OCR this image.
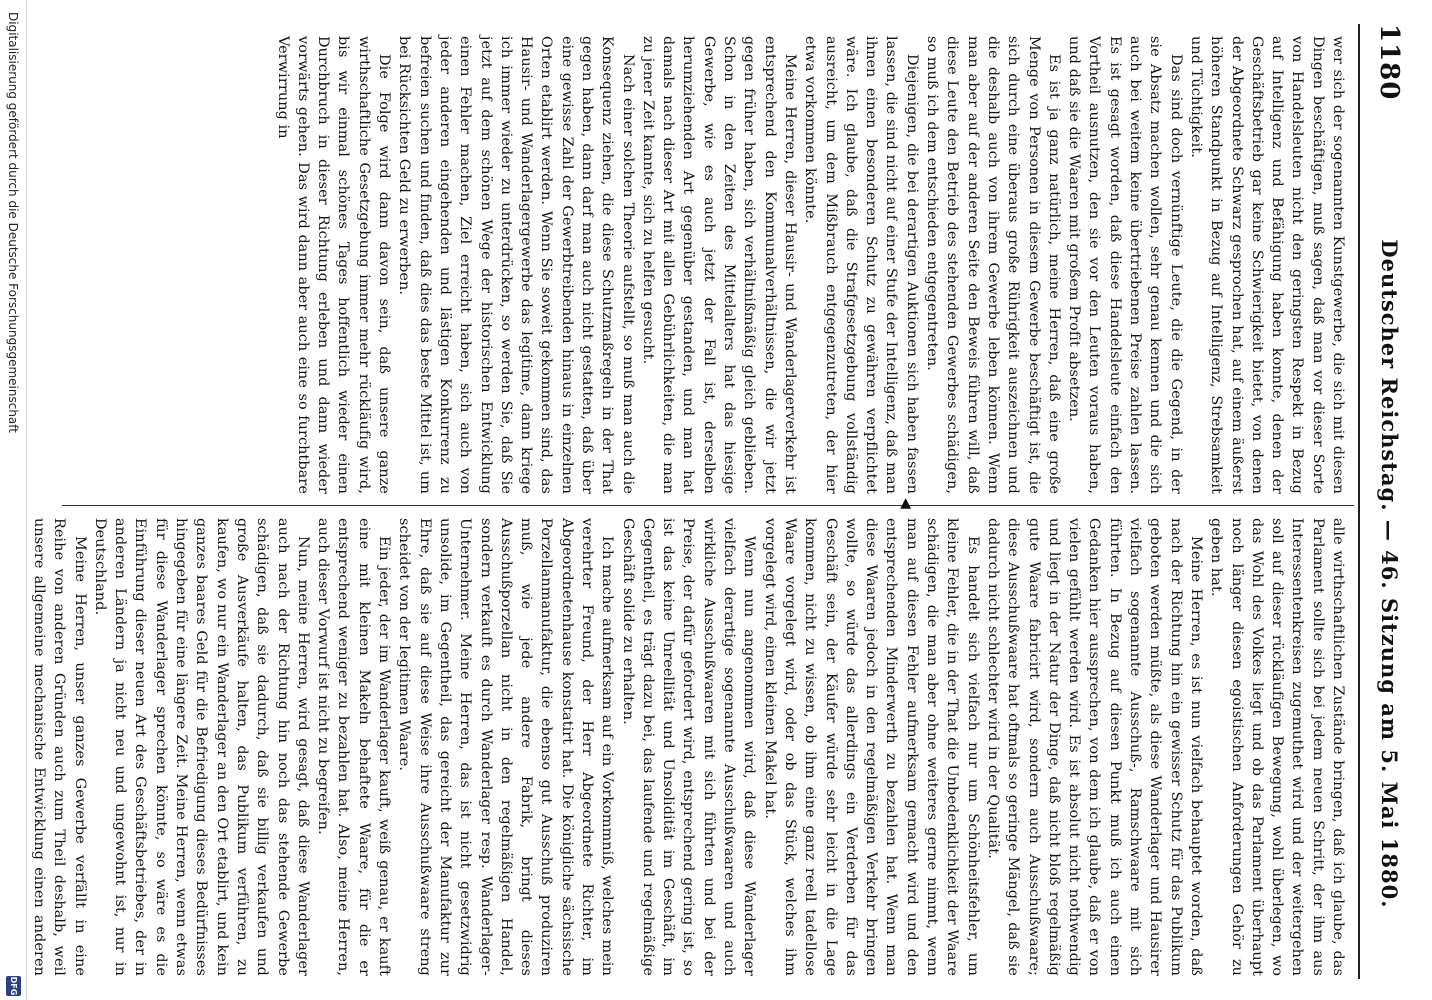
1180
Deutscher Reichstag. — 46. Sitzung am 5. Mai 1880.

wer sich der sogenannten Kunstgewerbe, die sich mit diesen Dingen beschäftigen, muß sagen, daß man vor dieser Sorte von Handelsleuten nicht den geringsten Respekt in Bezug auf Intelligenz und Befähigung haben konnte, denen der Geschäftsbetrieb gar keine Schwierigkeit bietet, von denen der Abgeordnete Schwarz gesprochen hat, auf einem äußerst höheren Standpunkt in Bezug auf Intelligenz, Strebsamkeit und Tüchtigkeit.

Das sind doch vernünftige Leute, die die Gegend, in der sie Absatz machen wollen, sehr genau kennen und die sich auch bei weitem keine übertriebenen Preise zahlen lassen. Es ist gesagt worden, daß diese Handelsleute einfach den Vortheil ausnutzen, den sie vor den Leuten voraus haben, und daß sie die Waaren mit großem Profit absetzen.

Es ist ja ganz natürlich, meine Herren, daß eine große Menge von Personen in diesem Gewerbe beschäftigt ist, die sich durch eine überaus große Rührigkeit auszeichnen und die deshalb auch von ihrem Gewerbe leben können. Wenn man aber auf der anderen Seite den Beweis führen will, daß diese Leute den Betrieb des stehenden Gewerbes schädigen, so muß ich dem entschieden entgegentreten.

Diejenigen, die bei derartigen Auktionen sich haben fassen lassen, die sind nicht auf einer Stufe der Intelligenz, daß man ihnen einen besonderen Schutz zu gewähren verpflichtet wäre. Ich glaube, daß die Strafgesetzgebung vollständig ausreicht, um dem Mißbrauch entgegenzutreten, der hier etwa vorkommen könnte.

Meine Herren, dieser Hausir- und Wanderlagerverkehr ist entsprechend den Kommunalverhältnissen, die wir jetzt gegen früher haben, sich verhältnißmäßig gleich geblieben. Schon in den Zeiten des Mittelalters hat das hiesige Gewerbe, wie es auch jetzt der Fall ist, derselben herumziehenden Art gegenüber gestanden, und man hat damals nach dieser Art mit allen Gebührlichkeiten, die man zu jener Zeit kannte, sich zu helfen gesucht.

Nach einer solchen Theorie aufstellt, so muß man auch die Konsequenz ziehen, die diese Schutzmaßregeln in der That gegen haben, dann darf man auch nicht gestatten, daß über eine gewisse Zahl der Gewerbtreibenden hinaus in einzelnen Orten etablirt werden. Wenn Sie soweit gekommen sind, das Hausir- und Wanderlagergewerbe das legitime, dann kriege ich immer wieder zu unterdrücken, so werden Sie, daß Sie jetzt auf dem schönen Wege der historischen Entwicklung einen Fehler machen, Ziel erreicht haben, sich auch von jeder anderen eingehenden und lästigen Konkurrenz zu befreien suchen und finden, daß dies das beste Mittel ist, um bei Rücksichten Geld zu erwerben.

Die Folge wird dann davon sein, daß unsere ganze wirthschaftliche Gesetzgebung immer mehr rückläufig wird, bis wir einmal schönes Tages hoffentlich wieder einen Durchbruch in dieser Richtung erleben und dann wieder vorwärts gehen. Das wird dann aber auch eine so furchtbare Verwirrung in

◀

alle wirthschaftlichen Zustände bringen, daß ich glaube, das Parlament sollte sich bei jedem neuen Schritt, der ihm aus Interessentenkreisen zugemuthet wird und der weitergehen soll auf dieser rückläufigen Bewegung, wohl überlegen, wo das Wohl des Volkes liegt und ob das Parlament überhaupt noch länger diesen egoistischen Anforderungen Gehör zu geben hat.

Meine Herren, es ist nun vielfach behauptet worden, daß nach der Richtung hin ein gewisser Schutz für das Publikum geboten werden müßte, als diese Wanderlager und Hausirer vielfach sogenannte Ausschuß-, Ramschwaare mit sich führten. In Bezug auf diesen Punkt muß ich auch einen Gedanken hier aussprechen, von dem ich glaube, daß er von vielen gefühlt werden wird. Es ist absolut nicht nothwendig und liegt in der Natur der Dinge, daß nicht bloß regelmäßig gute Waare fabricirt wird, sondern auch Ausschußwaare; diese Ausschußwaare hat oftmals so geringe Mängel, daß sie dadurch nicht schlechter wird in der Qualität.

Es handelt sich vielfach nur um Schönheitsfehler, um kleine Fehler, die in der That die Unbedenklichkeit der Waare schädigen, die man aber ohne weiteres gerne nimmt, wenn man auf diesen Fehler aufmerksam gemacht wird und den entsprechenden Minderwerth zu bezahlen hat. Wenn man diese Waaren jedoch in den regelmäßigen Verkehr bringen wollte, so würde das allerdings ein Verderben für das Geschäft sein, der Käufer würde sehr leicht in die Lage kommen, nicht zu wissen, ob ihm eine ganz reell tadellose Waare vorgelegt wird, oder ob das Stück, welches ihm vorgelegt wird, einen kleinen Makel hat.

Wenn nun angenommen wird, daß diese Wanderlager vielfach derartige sogenannte Ausschußwaaren und auch wirkliche Ausschußwaaren mit sich führten und bei der Preise, der dafür gefordert wird, entsprechend gering ist, so ist das keine Unreellität und Unsolidität im Geschäft, im Gegentheil, es trägt dazu bei, das laufende und regelmäßige Geschäft solide zu erhalten.

Ich mache aufmerksam auf ein Vorkommniß, welches mein verehrter Freund, der Herr Abgeordnete Richter, im Abgeordnetenhause konstatirt hat. Die königliche sächsische Porzellanmanufaktur, die ebenso gut Ausschuß produziren muß, wie jede andere Fabrik, bringt dieses Ausschußporzellan nicht in den regelmäßigen Handel, sondern verkauft es durch Wanderlager resp. Wanderlager-Unternehmer. Meine Herren, das ist nicht gesetzwidrig unsolide, im Gegentheil, das gereicht der Manufaktur zur Ehre, daß sie auf diese Weise ihre Ausschußwaare streng scheidet von der legitimen Waare.

Ein jeder, der im Wanderlager kauft, weiß genau, er kauft eine mit kleinen Makeln behaftete Waare, für die er entsprechend weniger zu bezahlen hat. Also, meine Herren, auch dieser Vorwurf ist nicht zu begreifen.

Nun, meine Herren, wird gesagt, daß diese Wanderlager auch nach der Richtung hin noch das stehende Gewerbe schädigen, daß sie dadurch, daß sie billig verkaufen und große Ausverkäufe halten, das Publikum verführen, zu kaufen, wo nur ein Wanderlager an den Ort etablirt, und kein ganzes baares Geld für die Befriedigung dieses Bedürfnisses hingegeben für eine längere Zeit. Meine Herren, wenn etwas für diese Wanderlager sprechen könnte, so wäre es die Einführung dieser neuen Art des Geschäftsbetriebes, der in anderen Ländern ja nicht neu und ungewohnt ist, nur in Deutschland.

Meine Herren, unser ganzes Gewerbe verfällt in eine Reihe von anderen Gründen auch zum Theil deshalb, weil unsere allgemeine mechanische Entwicklung einen anderen

Digitalisierung gefördert durch die Deutsche Forschungsgemeinschaft
DFG
